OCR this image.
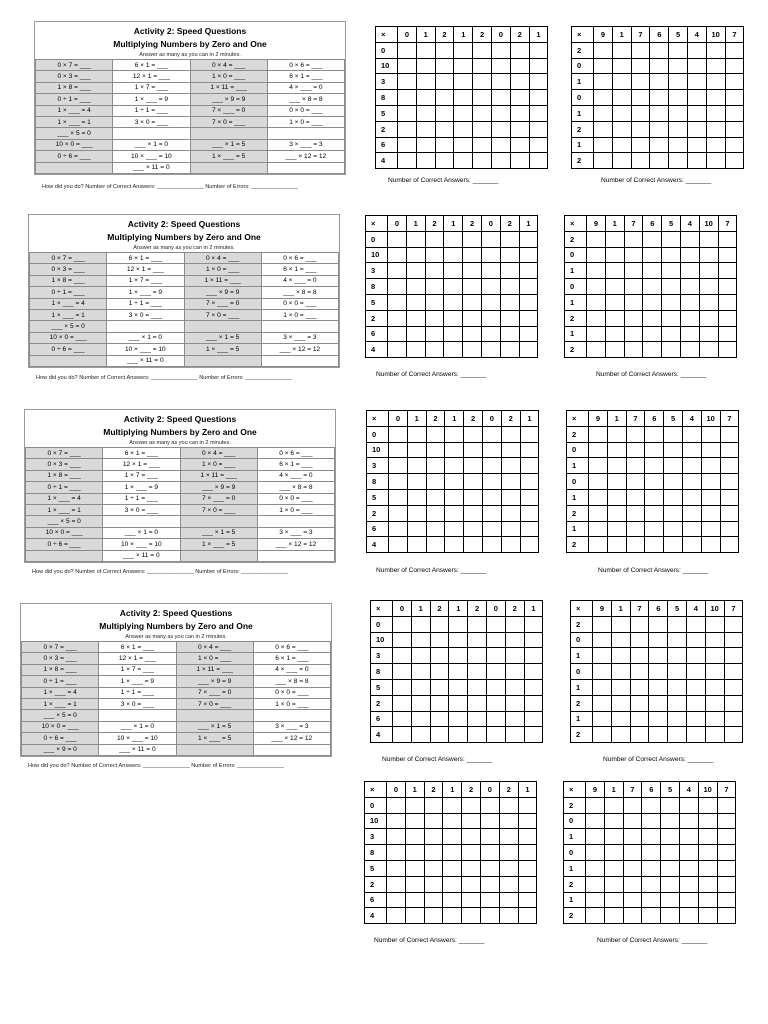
Activity 2: Speed Questions
Multiplying Numbers by Zero and One
Answer as many as you can in 2 minutes.
0 × 7 = ___	6 × 1 = ___	0 × 4 = ___	0 × 6 = ___
0 × 3 = ___	12 × 1 = ___	1 × 0 = ___	6 × 1 = ___
1 × 8 = ___	1 × 7 = ___	1 × 11 = ___	4 × ___ = 0
0 ÷ 1 = ___	1 × ___ = 9	___ × 9 = 9	___ × 8 = 8
1 × ___ = 4	1 ÷ 1 = ___	7 × ___ = 0	0 × 0 = ___
1 × ___ = 1	3 × 0 = ___	7 × 0 = ___	1 × 0 = ___
___ × 5 = 0			
10 × 0 = ___	___ × 1 = 0	___ × 1 = 5	3 × ___ = 3
0 ÷ 6 = ___	10 × ___ = 10	1 × ___ = 5	___ × 12 = 12
	___ × 11 = 0		
How did you do? Number of Correct Answers: _______________ Number of Errors: _______________
Activity 2: Speed Questions
Multiplying Numbers by Zero and One
Answer as many as you can in 2 minutes.
0 × 7 = ___	6 × 1 = ___	0 × 4 = ___	0 × 6 = ___
0 × 3 = ___	12 × 1 = ___	1 × 0 = ___	6 × 1 = ___
1 × 8 = ___	1 × 7 = ___	1 × 11 = ___	4 × ___ = 0
0 ÷ 1 = ___	1 × ___ = 9	___ × 9 = 9	___ × 8 = 8
1 × ___ = 4	1 ÷ 1 = ___	7 × ___ = 0	0 × 0 = ___
1 × ___ = 1	3 × 0 = ___	7 × 0 = ___	1 × 0 = ___
___ × 5 = 0			
10 × 0 = ___	___ × 1 = 0	___ × 1 = 5	3 × ___ = 3
0 ÷ 6 = ___	10 × ___ = 10	1 × ___ = 5	___ × 12 = 12
	___ × 11 = 0		
How did you do? Number of Correct Answers: _______________ Number of Errors: _______________
Activity 2: Speed Questions
Multiplying Numbers by Zero and One
Answer as many as you can in 2 minutes.
0 × 7 = ___	6 × 1 = ___	0 × 4 = ___	0 × 6 = ___
0 × 3 = ___	12 × 1 = ___	1 × 0 = ___	6 × 1 = ___
1 × 8 = ___	1 × 7 = ___	1 × 11 = ___	4 × ___ = 0
0 ÷ 1 = ___	1 × ___ = 9	___ × 9 = 9	___ × 8 = 8
1 × ___ = 4	1 ÷ 1 = ___	7 × ___ = 0	0 × 0 = ___
1 × ___ = 1	3 × 0 = ___	7 × 0 = ___	1 × 0 = ___
___ × 5 = 0			
10 × 0 = ___	___ × 1 = 0	___ × 1 = 5	3 × ___ = 3
0 ÷ 6 = ___	10 × ___ = 10	1 × ___ = 5	___ × 12 = 12
	___ × 11 = 0		
How did you do? Number of Correct Answers: _______________ Number of Errors: _______________
Activity 2: Speed Questions
Multiplying Numbers by Zero and One
Answer as many as you can in 2 minutes.
0 × 7 = ___	6 × 1 = ___	0 × 4 = ___	0 × 6 = ___
0 × 3 = ___	12 × 1 = ___	1 × 0 = ___	6 × 1 = ___
1 × 8 = ___	1 × 7 = ___	1 × 11 = ___	4 × ___ = 0
0 ÷ 1 = ___	1 × ___ = 9	___ × 9 = 9	___ × 8 = 8
1 × ___ = 4	1 ÷ 1 = ___	7 × ___ = 0	0 × 0 = ___
1 × ___ = 1	3 × 0 = ___	7 × 0 = ___	1 × 0 = ___
___ × 5 = 0			
10 × 0 = ___	___ × 1 = 0	___ × 1 = 5	3 × ___ = 3
0 ÷ 6 = ___	10 × ___ = 10	1 × ___ = 5	___ × 12 = 12
___ × 9 = 0	___ × 11 = 0		
How did you do? Number of Correct Answers: _______________ Number of Errors: _______________
×	0	1	2	1	2	0	2	1
0								
10								
3								
8								
5								
2								
6								
4								
×	9	1	7	6	5	4	10	7
2								
0								
1								
0								
1								
2								
1								
2								
Number of Correct Answers: _______	Number of Correct Answers: _______
×	0	1	2	1	2	0	2	1
0								
10								
3								
8								
5								
2								
6								
4								
×	9	1	7	6	5	4	10	7
2								
0								
1								
0								
1								
2								
1								
2								
Number of Correct Answers: _______	Number of Correct Answers: _______
×	0	1	2	1	2	0	2	1
0								
10								
3								
8								
5								
2								
6								
4								
×	9	1	7	6	5	4	10	7
2								
0								
1								
0								
1								
2								
1								
2								
Number of Correct Answers: _______	Number of Correct Answers: _______
×	0	1	2	1	2	0	2	1
0								
10								
3								
8								
5								
2								
6								
4								
×	9	1	7	6	5	4	10	7
2								
0								
1								
0								
1								
2								
1								
2								
Number of Correct Answers: _______	Number of Correct Answers: _______
×	0	1	2	1	2	0	2	1
0								
10								
3								
8								
5								
2								
6								
4								
×	9	1	7	6	5	4	10	7
2								
0								
1								
0								
1								
2								
1								
2								
Number of Correct Answers: _______	Number of Correct Answers: _______
